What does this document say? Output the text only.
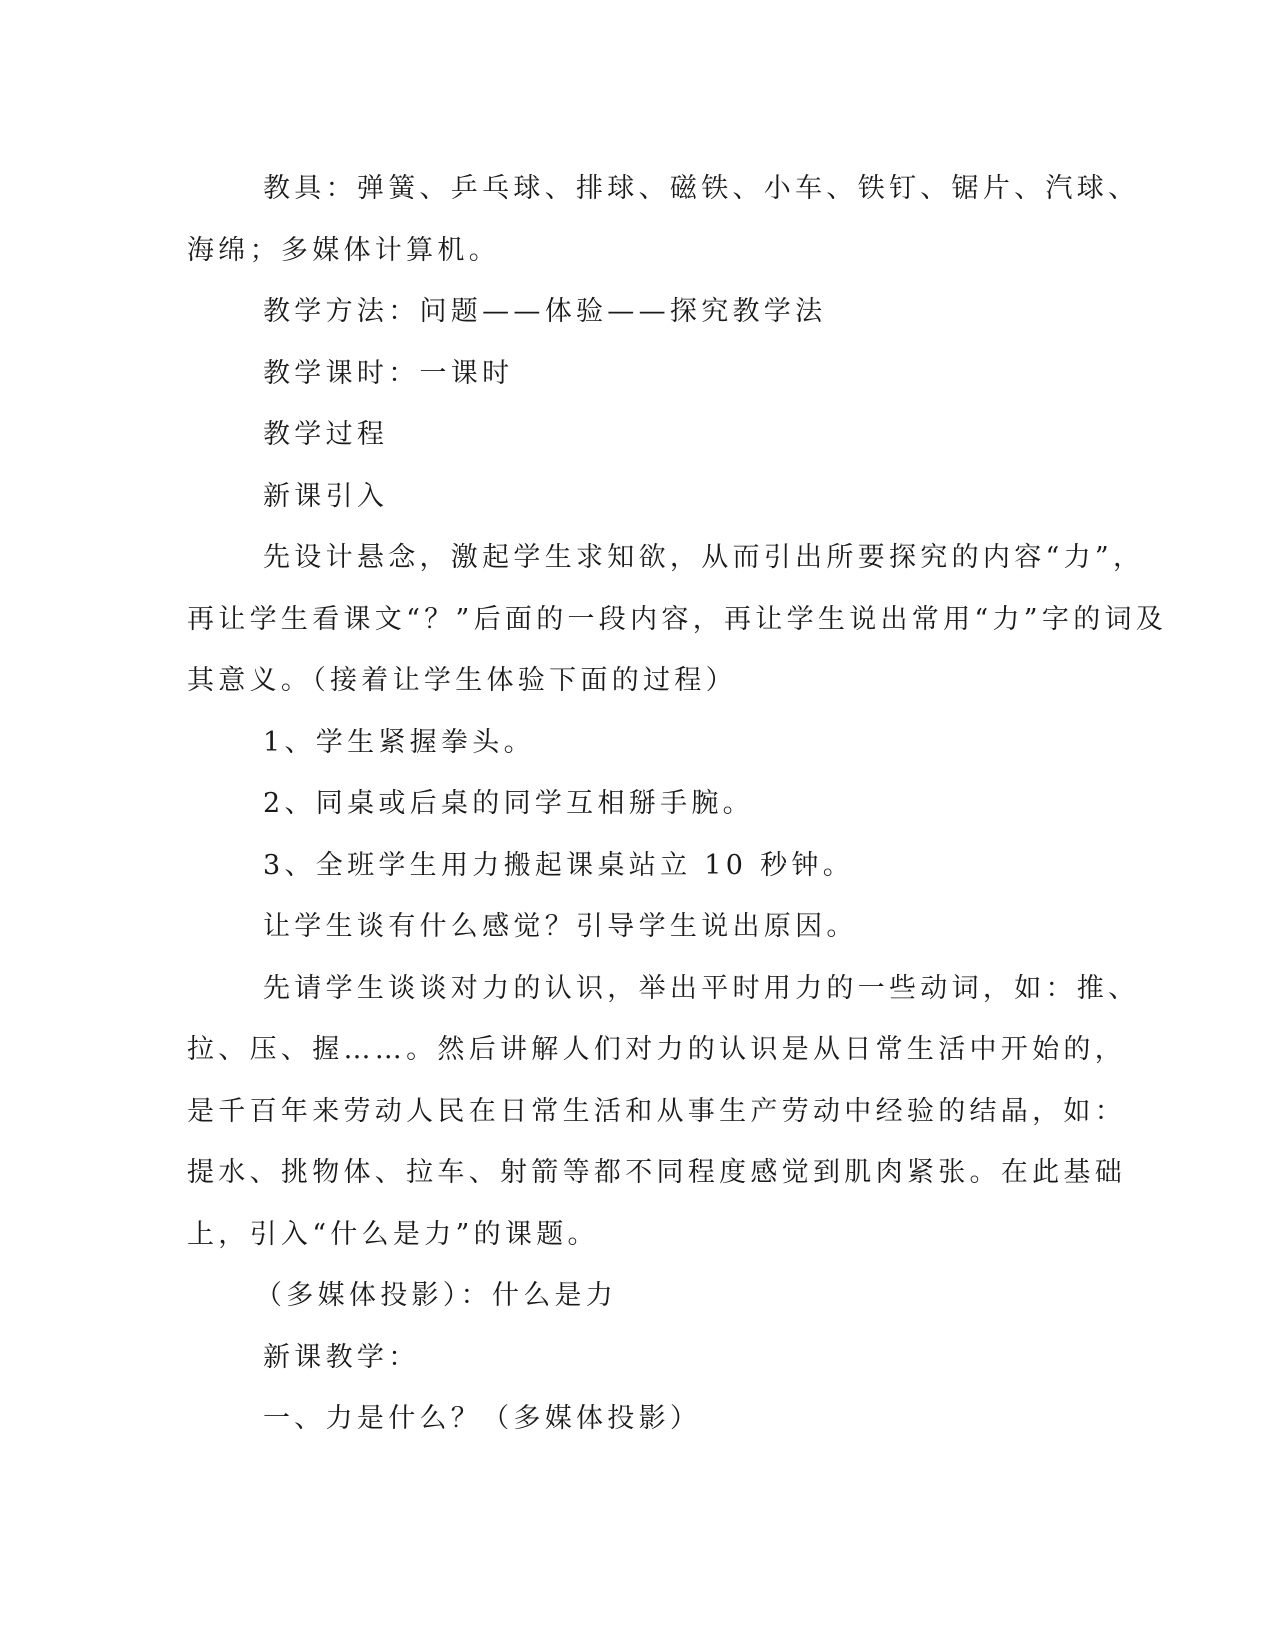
教具：弹簧、乒乓球、排球、磁铁、小车、铁钉、锯片、汽球、
海绵；多媒体计算机。

教学方法：问题——体验——探究教学法

教学课时：一课时

教学过程

新课引入

先设计悬念，激起学生求知欲，从而引出所要探究的内容“力”，
再让学生看课文“？”后面的一段内容，再让学生说出常用“力”字的词及
其意义。（接着让学生体验下面的过程）

1、学生紧握拳头。

2、同桌或后桌的同学互相掰手腕。

3、全班学生用力搬起课桌站立 10 秒钟。

让学生谈有什么感觉？引导学生说出原因。

先请学生谈谈对力的认识，举出平时用力的一些动词，如：推、
拉、压、握……。然后讲解人们对力的认识是从日常生活中开始的，
是千百年来劳动人民在日常生活和从事生产劳动中经验的结晶，如：
提水、挑物体、拉车、射箭等都不同程度感觉到肌肉紧张。在此基础
上，引入“什么是力”的课题。

（多媒体投影）：什么是力

新课教学：

一、力是什么？（多媒体投影）
